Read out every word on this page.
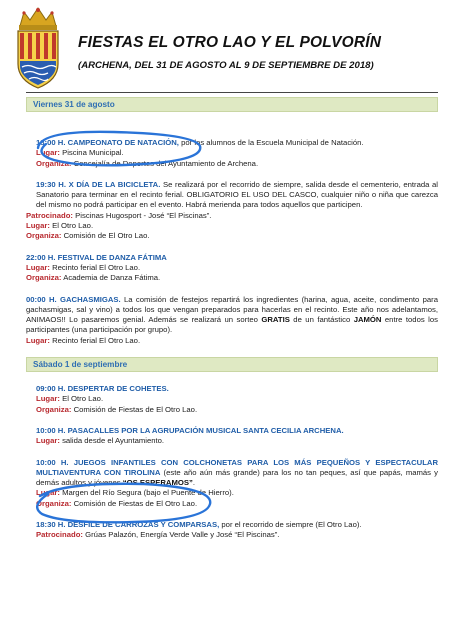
FIESTAS EL OTRO LAO Y EL POLVORÍN
(ARCHENA, DEL 31 DE AGOSTO AL 9 DE SEPTIEMBRE DE 2018)
Viernes 31 de agosto
18:00 H. CAMPEONATO DE NATACIÓN, por los alumnos de la Escuela Municipal de Natación.
Lugar: Piscina Municipal.
Organiza: Concejalía de Deportes del Ayuntamiento de Archena.
19:30 H. X DÍA DE LA BICICLETA. Se realizará por el recorrido de siempre, salida desde el cementerio, entrada al Sanatorio para terminar en el recinto ferial. OBLIGATORIO EL USO DEL CASCO, cualquier niño o niña que carezca del mismo no podrá participar en el evento. Habrá merienda para todos aquellos que participen.
Patrocinado: Piscinas Hugosport - José “El Piscinas”.
Lugar: El Otro Lao.
Organiza: Comisión de El Otro Lao.
22:00 H. FESTIVAL DE DANZA FÁTIMA
Lugar: Recinto ferial El Otro Lao.
Organiza: Academia de Danza Fátima.
00:00 H. GACHASMIGAS. La comisión de festejos repartirá los ingredientes (harina, agua, aceite, condimento para gachasmigas, sal y vino) a todos los que vengan preparados para hacerlas en el recinto. Este año nos adelantamos, ANIMAOS!! Lo pasaremos genial. Además se realizará un sorteo GRATIS de un fantástico JAMÓN entre todos los participantes (una participación por grupo).
Lugar: Recinto ferial El Otro Lao.
Sábado 1 de septiembre
09:00 H. DESPERTAR DE COHETES.
Lugar: El Otro Lao.
Organiza: Comisión de Fiestas de El Otro Lao.
10:00 H. PASACALLES POR LA AGRUPACIÓN MUSICAL SANTA CECILIA ARCHENA.
Lugar: salida desde el Ayuntamiento.
10:00 H. JUEGOS INFANTILES CON COLCHONETAS PARA LOS MÁS PEQUEÑOS Y ESPECTACULAR MULTIAVENTURA CON TIROLINA (este año aún más grande) para los no tan peques, así que papás, mamás y demás adultos y jóvenes “OS ESPERAMOS”.
Lugar: Margen del Río Segura (bajo el Puente de Hierro).
Organiza: Comisión de Fiestas de El Otro Lao.
18:30 H. DESFILE DE CARROZAS Y COMPARSAS, por el recorrido de siempre (El Otro Lao).
Patrocinado: Grúas Palazón, Energía Verde Valle y José “El Piscinas”.
